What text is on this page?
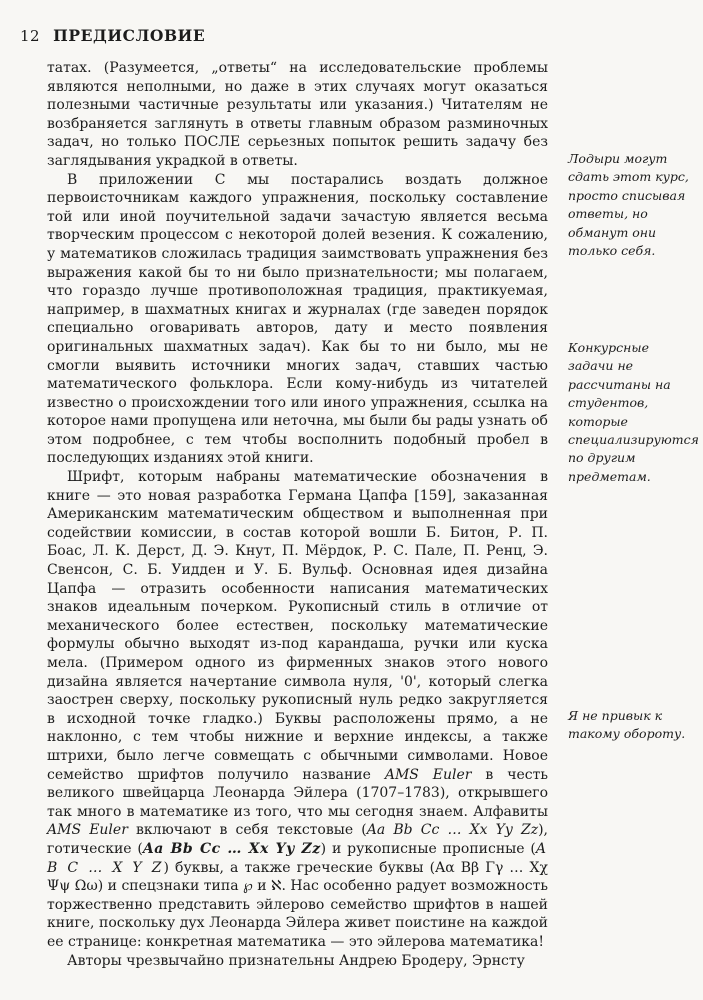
12 ПРЕДИСЛОВИЕ

татах. (Разумеется, „ответы“ на исследовательские проблемы являются неполными, но даже в этих случаях могут оказаться полезными частичные результаты или указания.) Читателям не возбраняется заглянуть в ответы главным образом разминочных задач, но только ПОСЛЕ серьезных попыток решить задачу без заглядывания украдкой в ответы.

В приложении C мы постарались воздать должное первоисточникам каждого упражнения, поскольку составление той или иной поучительной задачи зачастую является весьма творческим процессом с некоторой долей везения. К сожалению, у математиков сложилась традиция заимствовать упражнения без выражения какой бы то ни было признательности; мы полагаем, что гораздо лучше противоположная традиция, практикуемая, например, в шахматных книгах и журналах (где заведен порядок специально оговаривать авторов, дату и место появления оригинальных шахматных задач). Как бы то ни было, мы не смогли выявить источники многих задач, ставших частью математического фольклора. Если кому-нибудь из читателей известно о происхождении того или иного упражнения, ссылка на которое нами пропущена или неточна, мы были бы рады узнать об этом подробнее, с тем чтобы восполнить подобный пробел в последующих изданиях этой книги.

Шрифт, которым набраны математические обозначения в книге — это новая разработка Германа Цапфа [159], заказанная Американским математическим обществом и выполненная при содействии комиссии, в состав которой вошли Б. Битон, Р. П. Боас, Л. К. Дерст, Д. Э. Кнут, П. Мёрдок, Р. С. Пале, П. Ренц, Э. Свенсон, С. Б. Уидден и У. Б. Вульф. Основная идея дизайна Цапфа — отразить особенности написания математических знаков идеальным почерком. Рукописный стиль в отличие от механического более естествен, поскольку математические формулы обычно выходят из-под карандаша, ручки или куска мела. (Примером одного из фирменных знаков этого нового дизайна является начертание символа нуля, '0', который слегка заострен сверху, поскольку рукописный нуль редко закругляется в исходной точке гладко.) Буквы расположены прямо, а не наклонно, с тем чтобы нижние и верхние индексы, а также штрихи, было легче совмещать с обычными символами. Новое семейство шрифтов получило название AMS Euler в честь великого швейцарца Леонарда Эйлера (1707–1783), открывшего так много в математике из того, что мы сегодня знаем. Алфавиты AMS Euler включают в себя текстовые (Aa Bb Cc … Xx Yy Zz), готические (Aa Bb Cc … Xx Yy Zz) и рукописные прописные (A B C … X Y Z) буквы, а также греческие буквы (Αα Ββ Γγ … Χχ Ψψ Ωω) и спецзнаки типа ℘ и ℵ. Нас особенно радует возможность торжественно представить эйлерово семейство шрифтов в нашей книге, поскольку дух Леонарда Эйлера живет поистине на каждой ее странице: конкретная математика — это эйлерова математика!

Авторы чрезвычайно признательны Андрею Бродеру, Эрнсту

Лодыри могут сдать этот курс, просто списывая ответы, но обманут они только себя.
Конкурсные задачи не рассчитаны на студентов, которые специализируются по другим предметам.
Я не привык к такому обороту.
